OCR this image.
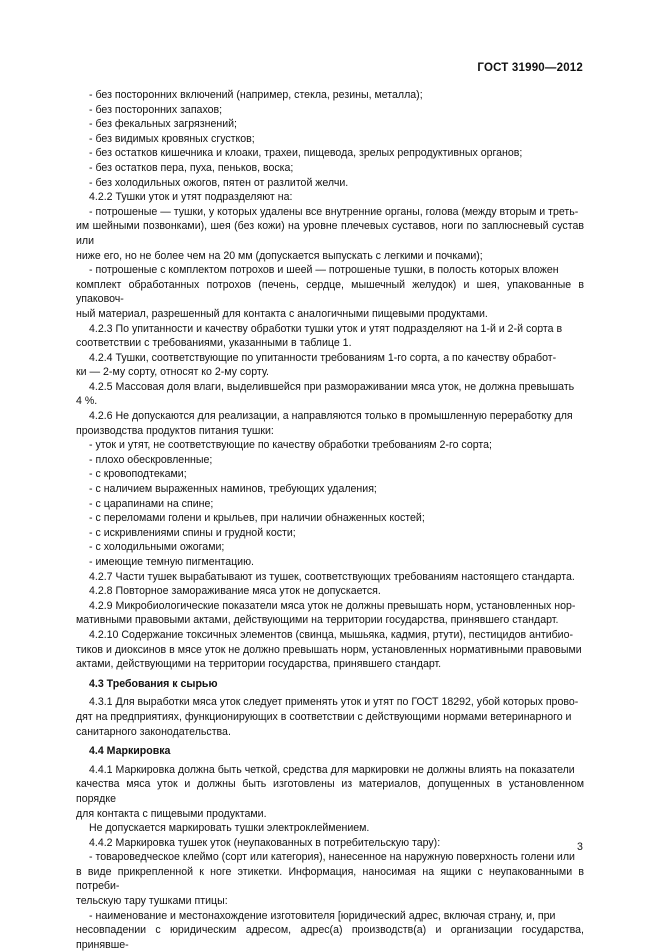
ГОСТ 31990—2012

- без посторонних включений (например, стекла, резины, металла);

- без посторонних запахов;

- без фекальных загрязнений;

- без видимых кровяных сгустков;

- без остатков кишечника и клоаки, трахеи, пищевода, зрелых репродуктивных органов;

- без остатков пера, пуха, пеньков, воска;

- без холодильных ожогов, пятен от разлитой желчи.

4.2.2 Тушки уток и утят подразделяют на:

- потрошеные — тушки, у которых удалены все внутренние органы, голова (между вторым и треть-

им шейными позвонками), шея (без кожи) на уровне плечевых суставов, ноги по заплюсневый сустав или

ниже его, но не более чем на 20 мм (допускается выпускать с легкими и почками);

- потрошеные с комплектом потрохов и шеей — потрошеные тушки, в полость которых вложен

комплект обработанных потрохов (печень, сердце, мышечный желудок) и шея, упакованные в упаковоч-

ный материал, разрешенный для контакта с аналогичными пищевыми продуктами.

4.2.3 По упитанности и качеству обработки тушки уток и утят подразделяют на 1-й и 2-й сорта в

соответствии с требованиями, указанными в таблице 1.

4.2.4 Тушки, соответствующие по упитанности требованиям 1-го сорта, а по качеству обработ-

ки — 2-му сорту, относят ко 2-му сорту.

4.2.5 Массовая доля влаги, выделившейся при размораживании мяса уток, не должна превышать

4 %.

4.2.6 Не допускаются для реализации, а направляются только в промышленную переработку для

производства продуктов питания тушки:

- уток и утят, не соответствующие по качеству обработки требованиям 2-го сорта;

- плохо обескровленные;

- с кровоподтеками;

- с наличием выраженных наминов, требующих удаления;

- с царапинами на спине;

- с переломами голени и крыльев, при наличии обнаженных костей;

- с искривлениями спины и грудной кости;

- с холодильными ожогами;

- имеющие темную пигментацию.

4.2.7 Части тушек вырабатывают из тушек, соответствующих требованиям настоящего стандарта.

4.2.8 Повторное замораживание мяса уток не допускается.

4.2.9 Микробиологические показатели мяса уток не должны превышать норм, установленных нор-

мативными правовыми актами, действующими на территории государства, принявшего стандарт.

4.2.10 Содержание токсичных элементов (свинца, мышьяка, кадмия, ртути), пестицидов антибио-

тиков и диоксинов в мясе уток не должно превышать норм, установленных нормативными правовыми

актами, действующими на территории государства, принявшего стандарт.

4.3 Требования к сырью

4.3.1 Для выработки мяса уток следует применять уток и утят по ГОСТ 18292, убой которых прово-

дят на предприятиях, функционирующих в соответствии с действующими нормами ветеринарного и

санитарного законодательства.

4.4 Маркировка

4.4.1 Маркировка должна быть четкой, средства для маркировки не должны влиять на показатели

качества мяса уток и должны быть изготовлены из материалов, допущенных в установленном порядке

для контакта с пищевыми продуктами.

Не допускается маркировать тушки электроклеймением.

4.4.2 Маркировка тушек уток (неупакованных в потребительскую тару):

- товароведческое клеймо (сорт или категория), нанесенное на наружную поверхность голени или

в виде прикрепленной к ноге этикетки. Информация, наносимая на ящики с неупакованными в потреби-

тельскую тару тушками птицы:

- наименование и местонахождение изготовителя [юридический адрес, включая страну, и, при

несовпадении с юридическим адресом, адрес(а) производств(а) и организации государства, принявше-

3
